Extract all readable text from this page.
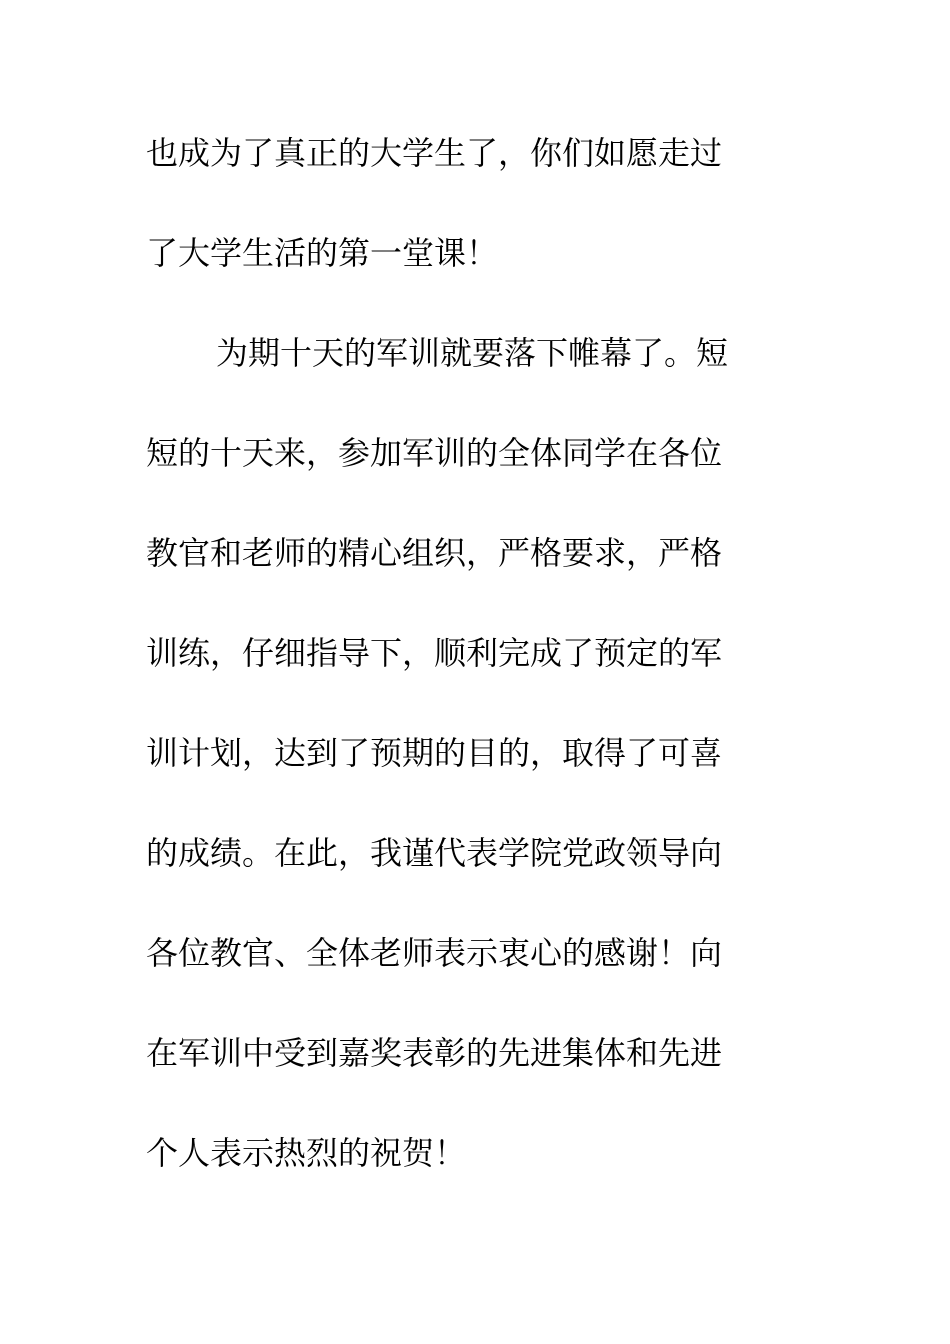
也成为了真正的大学生了，你们如愿走过
了大学生活的第一堂课！
为期十天的军训就要落下帷幕了。短
短的十天来，参加军训的全体同学在各位
教官和老师的精心组织，严格要求，严格
训练，仔细指导下，顺利完成了预定的军
训计划，达到了预期的目的，取得了可喜
的成绩。在此，我谨代表学院党政领导向
各位教官、全体老师表示衷心的感谢！向
在军训中受到嘉奖表彰的先进集体和先进
个人表示热烈的祝贺！
